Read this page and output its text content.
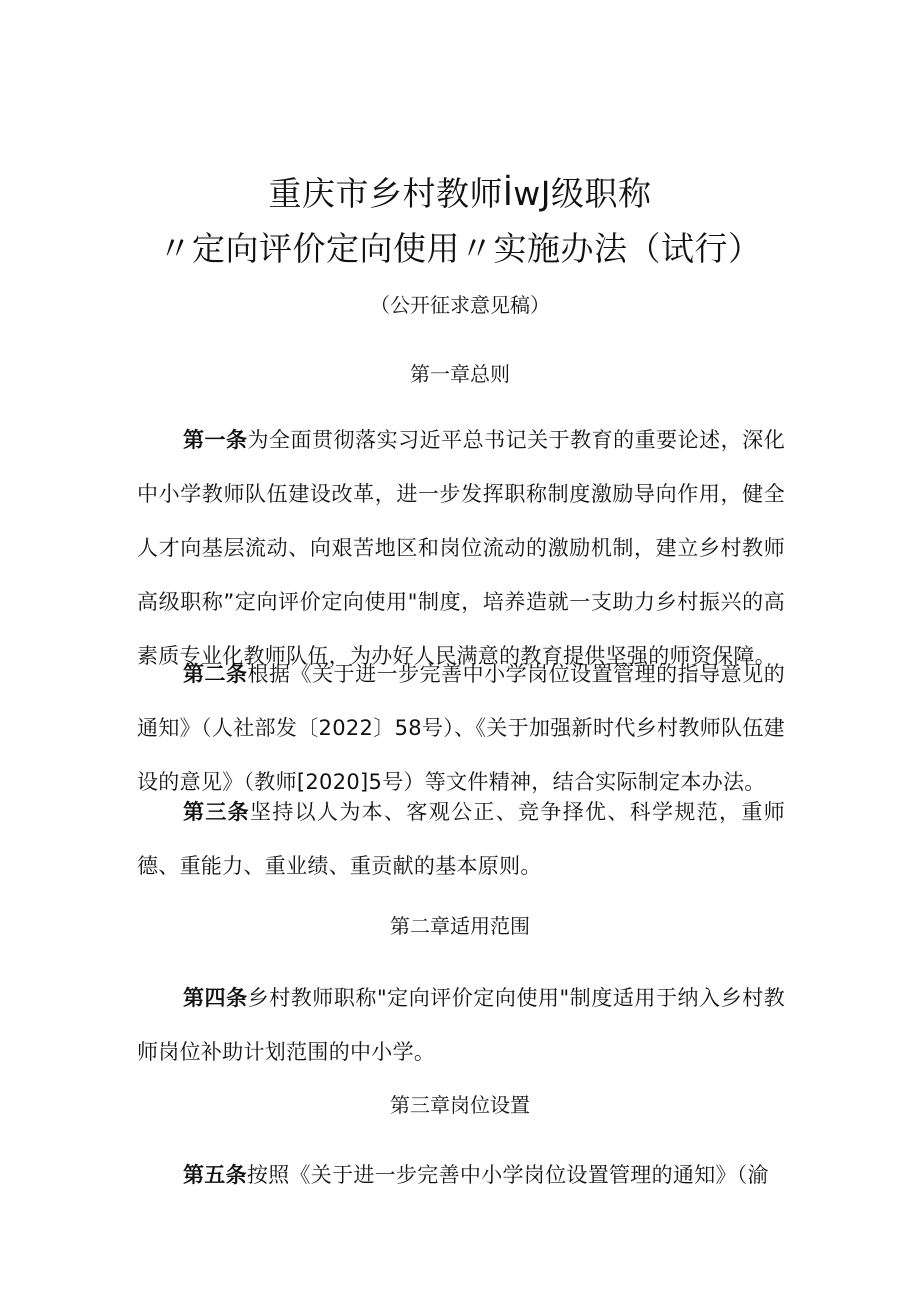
重庆市乡村教师İwJ级职称
〃定向评价定向使用〃实施办法（试行）
（公开征求意见稿）
第一章总则
第一条为全面贯彻落实习近平总书记关于教育的重要论述，深化中小学教师队伍建设改革，进一步发挥职称制度激励导向作用，健全人才向基层流动、向艰苦地区和岗位流动的激励机制，建立乡村教师高级职称”定向评价定向使用"制度，培养造就一支助力乡村振兴的高素质专业化教师队伍，为办好人民满意的教育提供坚强的师资保障。
第二条根据《关于进一步完善中小学岗位设置管理的指导意见的通知》（人社部发〔2022〕58号）、《关于加强新时代乡村教师队伍建设的意见》（教师[2020]5号）等文件精神，结合实际制定本办法。
第三条坚持以人为本、客观公正、竞争择优、科学规范，重师德、重能力、重业绩、重贡献的基本原则。
第二章适用范围
第四条乡村教师职称"定向评价定向使用"制度适用于纳入乡村教师岗位补助计划范围的中小学。
第三章岗位设置
第五条按照《关于进一步完善中小学岗位设置管理的通知》（渝
